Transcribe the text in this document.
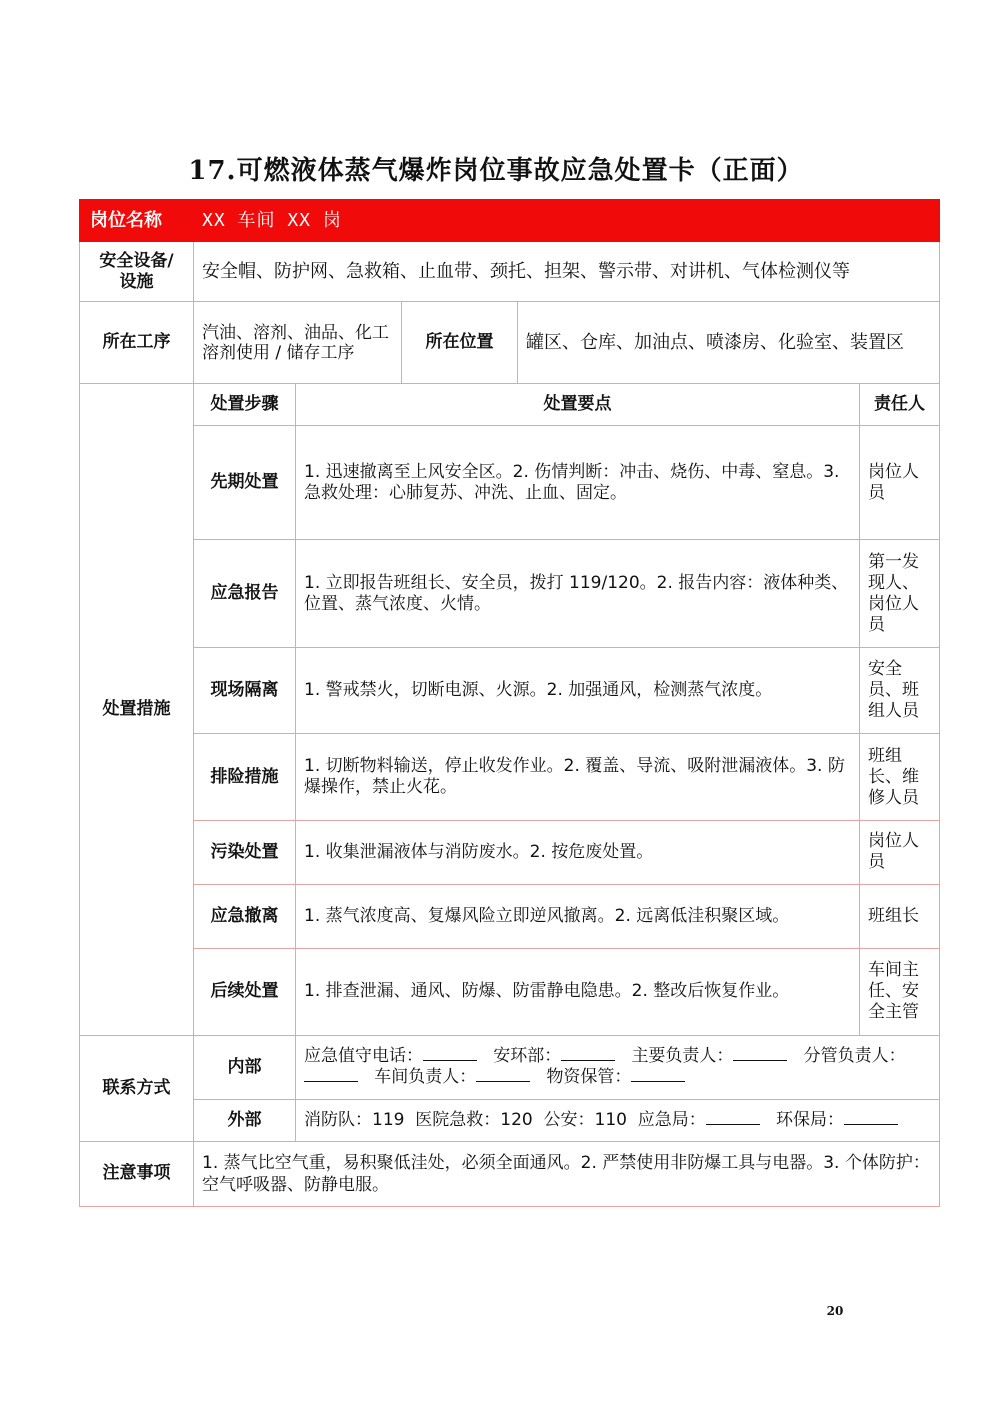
17.可燃液体蒸气爆炸岗位事故应急处置卡（正面）
岗位名称	XX 车间 XX 岗				

安全设备/
设施	安全帽、防护网、急救箱、止血带、颈托、担架、警示带、对讲机、气体检测仪等				
所在工序	汽油、溶剂、油品、化工溶剂使用 / 储存工序		所在位置	罐区、仓库、加油点、喷漆房、化验室、装置区	
处置措施	处置步骤	处置要点			责任人
	先期处置	1. 迅速撤离至上风安全区。2. 伤情判断：冲击、烧伤、中毒、窒息。3. 急救处理：心肺复苏、冲洗、止血、固定。			岗位人员
	应急报告	1. 立即报告班组长、安全员，拨打 119/120。2. 报告内容：液体种类、位置、蒸气浓度、火情。			第一发现人、岗位人员
	现场隔离	1. 警戒禁火，切断电源、火源。2. 加强通风，检测蒸气浓度。			安全员、班组人员
	排险措施	1. 切断物料输送，停止收发作业。2. 覆盖、导流、吸附泄漏液体。3. 防爆操作，禁止火花。			班组长、维修人员
	污染处置	1. 收集泄漏液体与消防废水。2. 按危废处置。			岗位人员
	应急撤离	1. 蒸气浓度高、复爆风险立即逆风撤离。2. 远离低洼积聚区域。			班组长
	后续处置	1. 排查泄漏、通风、防爆、防雷静电隐患。2. 整改后恢复作业。			车间主任、安全主管
联系方式	内部	应急值守电话： 安环部： 主要负责人： 分管负责人：   车间负责人： 物资保管：			
	外部	消防队：119 医院急救：120 公安：110 应急局： 环保局：			
注意事项	1. 蒸气比空气重，易积聚低洼处，必须全面通风。2. 严禁使用非防爆工具与电器。3. 个体防护：空气呼吸器、防静电服。				
20
